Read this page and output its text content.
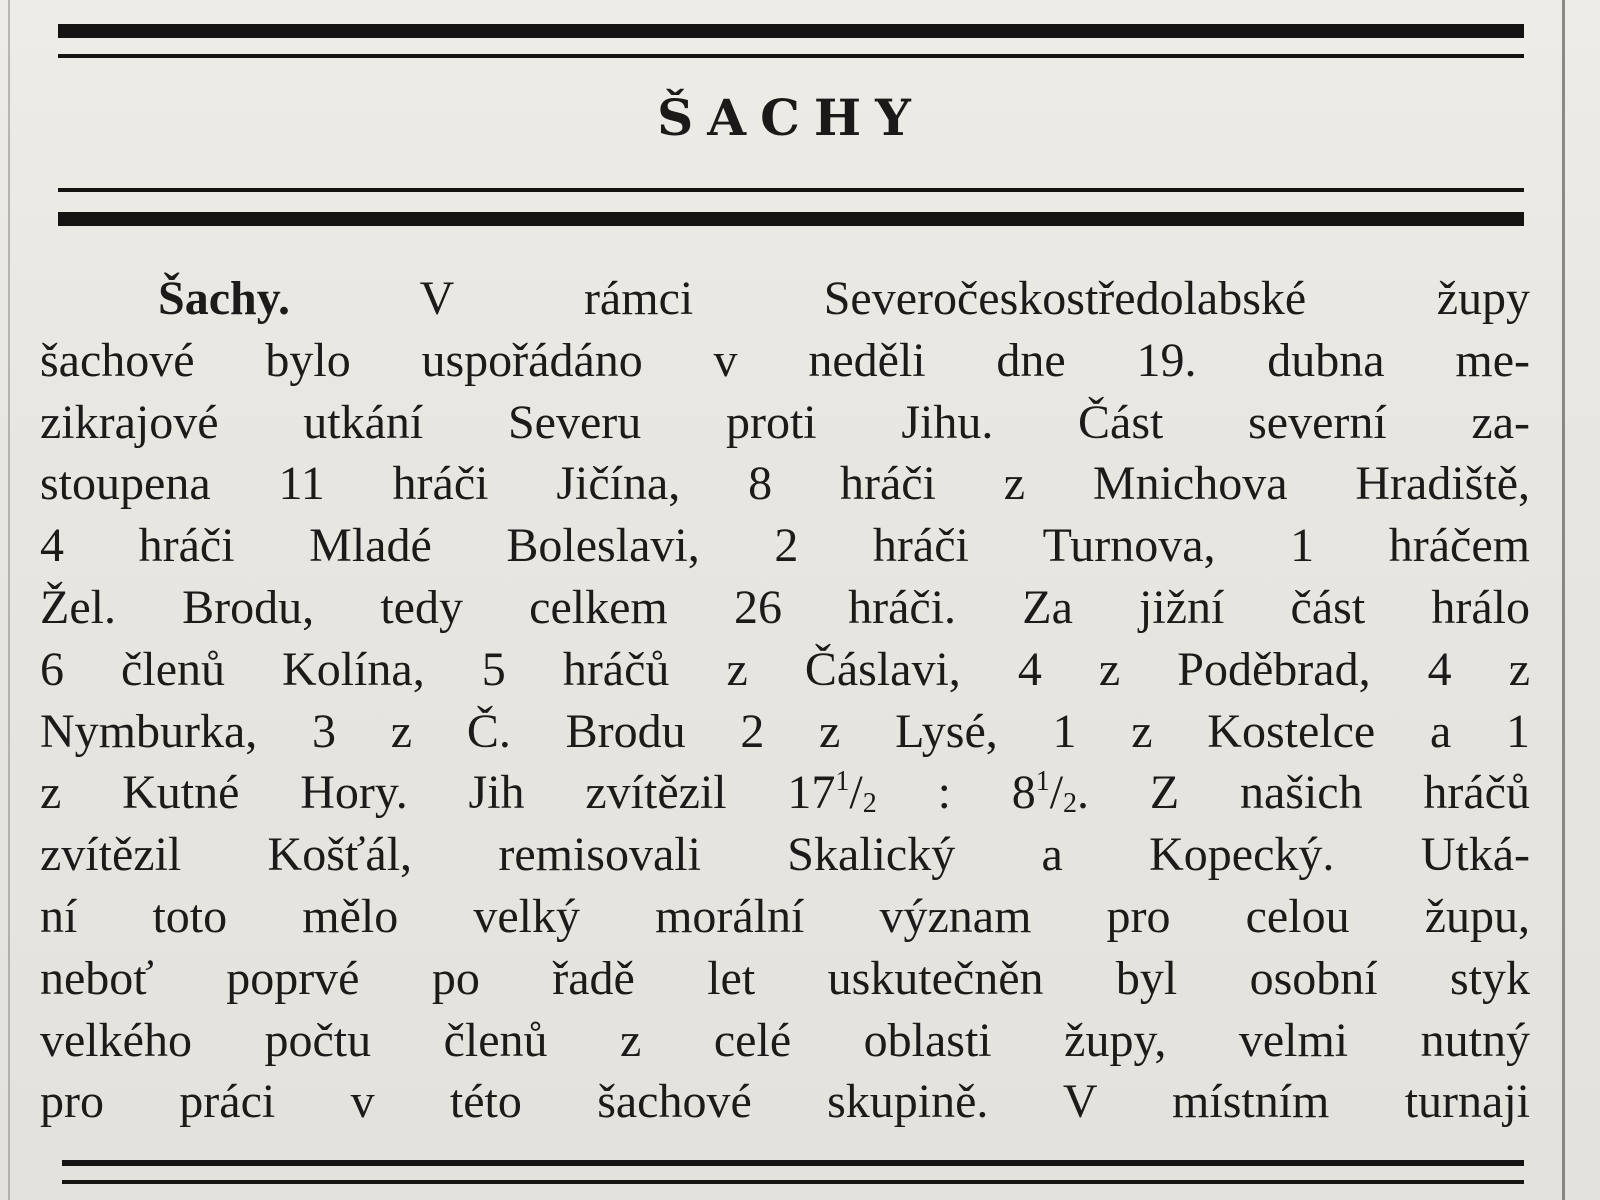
ŠACHY
Šachy. V rámci Severočeskostředolabské župy
šachové bylo uspořádáno v neděli dne 19. dubna me-
zikrajové utkání Severu proti Jihu. Část severní za-
stoupena 11 hráči Jičína, 8 hráči z Mnichova Hradiště,
4 hráči Mladé Boleslavi, 2 hráči Turnova, 1 hráčem
Žel. Brodu, tedy celkem 26 hráči. Za jižní část hrálo
6 členů Kolína, 5 hráčů z Čáslavi, 4 z Poděbrad, 4 z
Nymburka, 3 z Č. Brodu 2 z Lysé, 1 z Kostelce a 1
z Kutné Hory. Jih zvítězil $17^1/_2$ : $8^1/_2$. Z našich hráčů
zvítězil Košťál, remisovali Skalický a Kopecký. Utká-
ní toto mělo velký morální význam pro celou župu,
neboť poprvé po řadě let uskutečněn byl osobní styk
velkého počtu členů z celé oblasti župy, velmi nutný
pro práci v této šachové skupině. V místním turnaji
